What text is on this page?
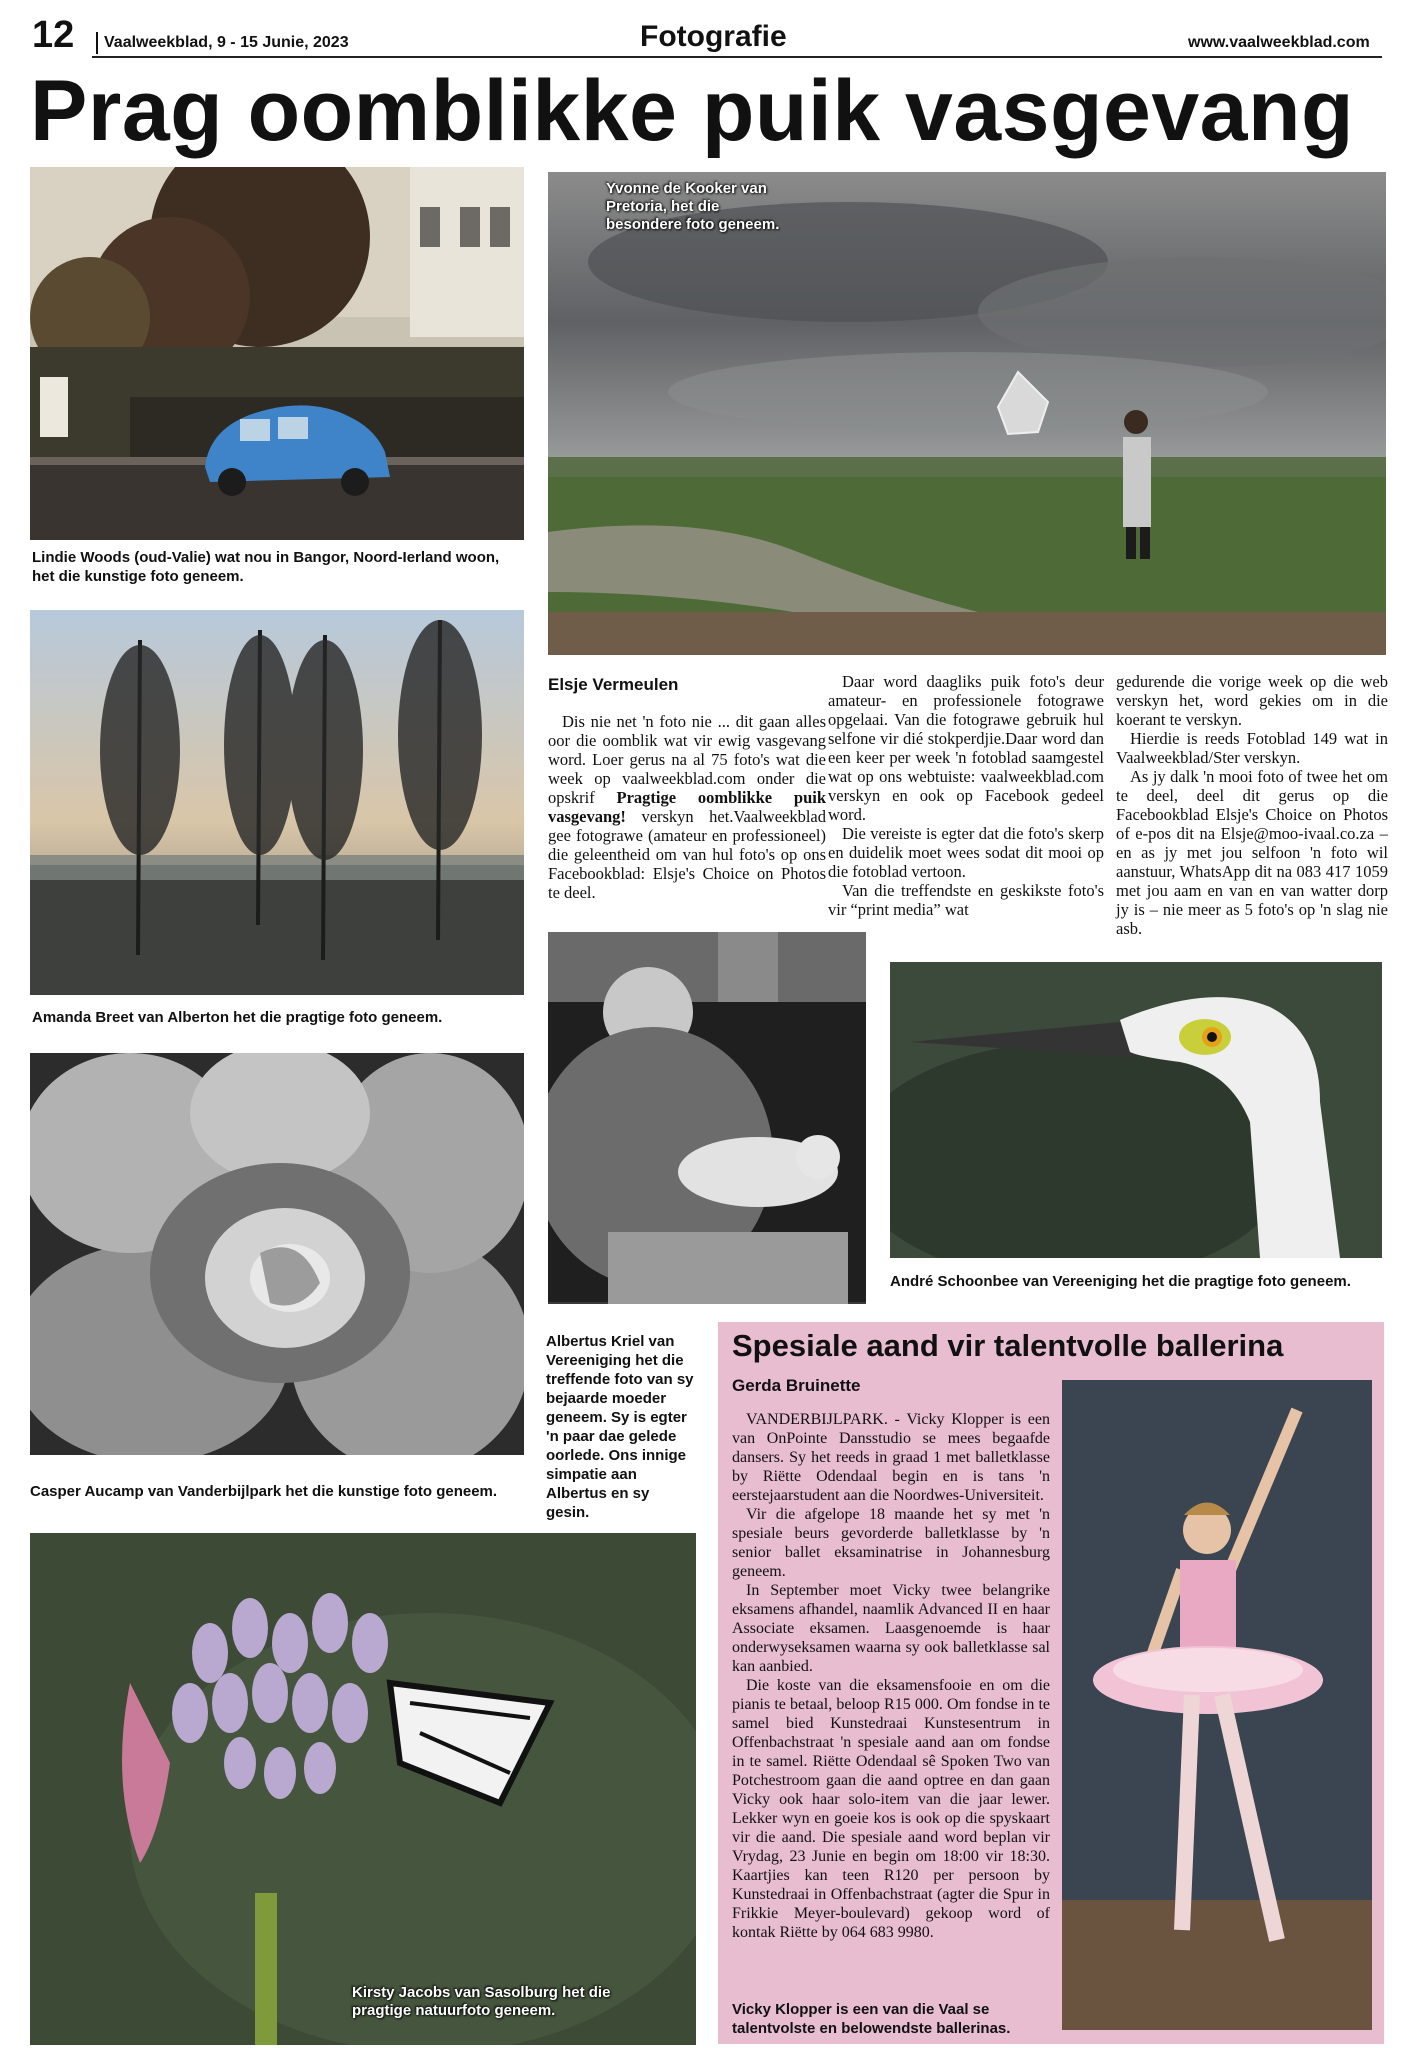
12	Vaalweekblad, 9 - 15 Junie, 2023	Fotografie	www.vaalweekblad.com
Prag oomblikke puik vasgevang
Lindie Woods (oud-Valie) wat nou in Bangor, Noord-Ierland woon, het die kunstige foto geneem.
Yvonne de Kooker van Pretoria, het die besondere foto geneem.
Amanda Breet van Alberton het die pragtige foto geneem.
Casper Aucamp van Vanderbijlpark het die kunstige foto geneem.
Elsje Vermeulen

Dis nie net 'n foto nie ... dit gaan alles oor die oomblik wat vir ewig vasgevang word. Loer gerus na al 75 foto's wat die week op vaalweekblad.com onder die opskrif Pragtige oomblikke puik vasgevang! verskyn het.Vaalweekblad gee fotograwe (amateur en professioneel) die geleentheid om van hul foto's op ons Facebookblad: Elsje's Choice on Photos te deel.

Daar word daagliks puik foto's deur amateur- en professionele fotograwe opgelaai. Van die fotograwe gebruik hul selfone vir dié stokperdjie.Daar word dan een keer per week 'n fotoblad saamgestel wat op ons webtuiste: vaalweekblad.com verskyn en ook op Facebook gedeel word.

Die vereiste is egter dat die foto's skerp en duidelik moet wees sodat dit mooi op die fotoblad vertoon.

Van die treffendste en geskikste foto's vir “print media” wat

gedurende die vorige week op die web verskyn het, word gekies om in die koerant te verskyn.

Hierdie is reeds Fotoblad 149 wat in Vaalweekblad/Ster verskyn.

As jy dalk 'n mooi foto of twee het om te deel, deel dit gerus op die Facebookblad Elsje's Choice on Photos of e-pos dit na Elsje@moo-ivaal.co.za – en as jy met jou selfoon 'n foto wil aanstuur, WhatsApp dit na 083 417 1059 met jou aam en van en van watter dorp jy is – nie meer as 5 foto's op 'n slag nie asb.

André Schoonbee van Vereeniging het die pragtige foto geneem.
Albertus Kriel van Vereeniging het die treffende foto van sy bejaarde moeder geneem. Sy is egter 'n paar dae gelede oorlede. Ons innige simpatie aan Albertus en sy gesin.
Kirsty Jacobs van Sasolburg het die pragtige natuurfoto geneem.
Spesiale aand vir talentvolle ballerina
Gerda Bruinette

VANDERBIJLPARK. - Vicky Klopper is een van OnPointe Dansstudio se mees begaafde dansers. Sy het reeds in graad 1 met balletklasse by Riëtte Odendaal begin en is tans 'n eerstejaarstudent aan die Noordwes-Universiteit.

Vir die afgelope 18 maande het sy met 'n spesiale beurs gevorderde balletklasse by 'n senior ballet eksaminatrise in Johannesburg geneem.

In September moet Vicky twee belangrike eksamens afhandel, naamlik Advanced II en haar Associate eksamen. Laasgenoemde is haar onderwyseksamen waarna sy ook balletklasse sal kan aanbied.

Die koste van die eksamensfooie en om die pianis te betaal, beloop R15 000. Om fondse in te samel bied Kunstedraai Kunstesentrum in Offenbachstraat 'n spesiale aand aan om fondse in te samel. Riëtte Odendaal sê Spoken Two van Potchestroom gaan die aand optree en dan gaan Vicky ook haar solo-item van die jaar lewer. Lekker wyn en goeie kos is ook op die spyskaart vir die aand. Die spesiale aand word beplan vir Vrydag, 23 Junie en begin om 18:00 vir 18:30. Kaartjies kan teen R120 per persoon by Kunstedraai in Offenbachstraat (agter die Spur in Frikkie Meyer-boulevard) gekoop word of kontak Riëtte by 064 683 9980.

Vicky Klopper is een van die Vaal se talentvolste en belowendste ballerinas.
